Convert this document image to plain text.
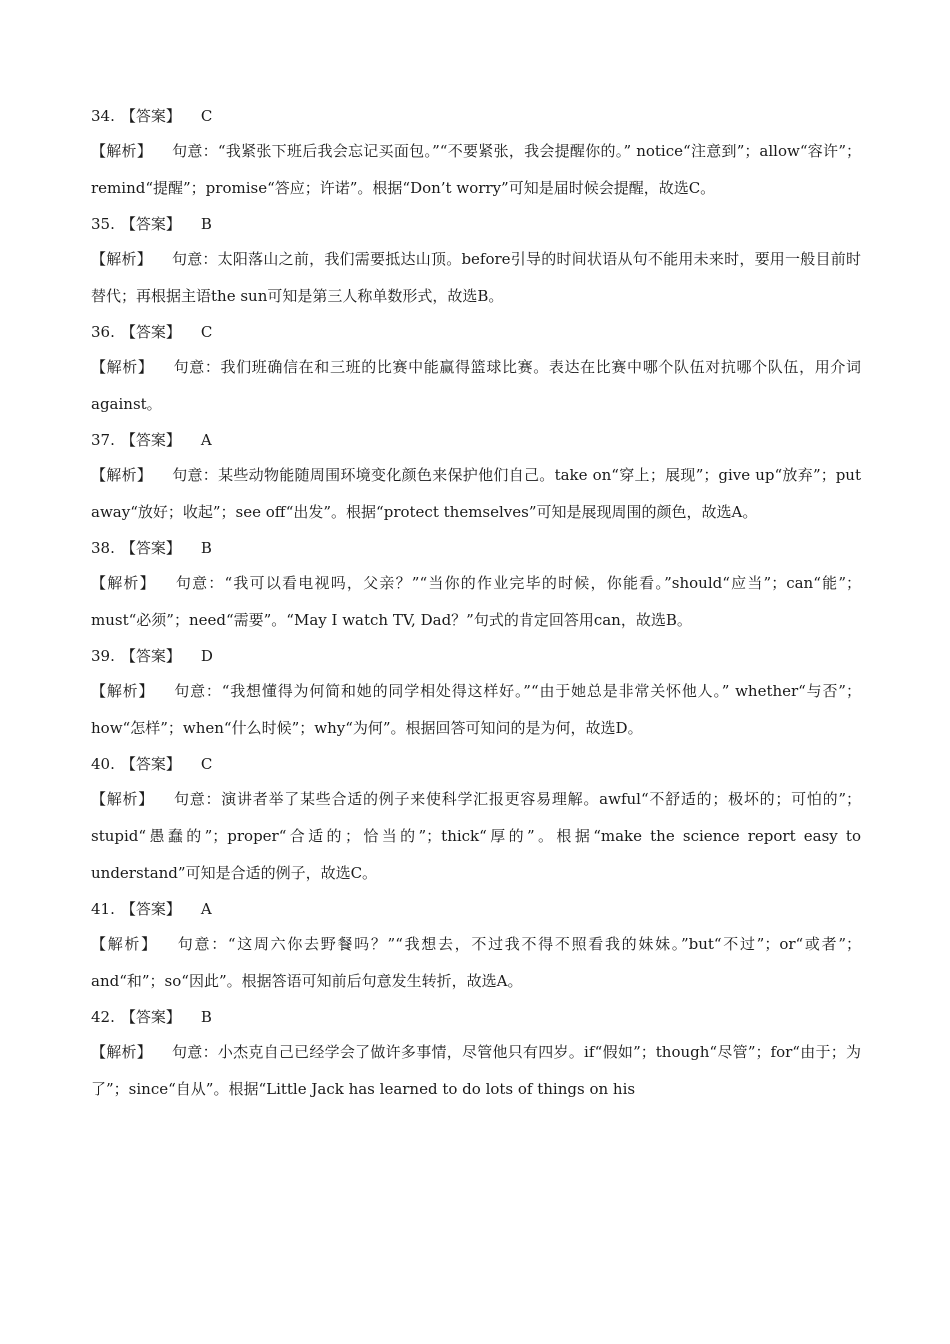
34. 【答案】 C
【解析】 句意：“我紧张下班后我会忘记买面包。”“不要紧张，我会提醒你的。” notice“注意到”；allow“容许”；remind“提醒”；promise“答应；许诺”。根据“Don’t worry”可知是届时候会提醒，故选C。
35. 【答案】 B
【解析】 句意：太阳落山之前，我们需要抵达山顶。before引导的时间状语从句不能用未来时，要用一般目前时替代；再根据主语the sun可知是第三人称单数形式，故选B。
36. 【答案】 C
【解析】 句意：我们班确信在和三班的比赛中能赢得篮球比赛。表达在比赛中哪个队伍对抗哪个队伍，用介词against。
37. 【答案】 A
【解析】 句意：某些动物能随周围环境变化颜色来保护他们自己。take on“穿上；展现”；give up“放弃”；put away“放好；收起”；see off“出发”。根据“protect themselves”可知是展现周围的颜色，故选A。
38. 【答案】 B
【解析】 句意：“我可以看电视吗，父亲？”“当你的作业完毕的时候，你能看。”should“应当”；can“能”；must“必须”；need“需要”。“May I watch TV, Dad？”句式的肯定回答用can，故选B。
39. 【答案】 D
【解析】 句意：“我想懂得为何简和她的同学相处得这样好。”“由于她总是非常关怀他人。” whether“与否”；how“怎样”；when“什么时候”；why“为何”。根据回答可知问的是为何，故选D。
40. 【答案】 C
【解析】 句意：演讲者举了某些合适的例子来使科学汇报更容易理解。awful“不舒适的；极坏的；可怕的”；stupid“愚蠢的”；proper“合适的；恰当的”；thick“厚的”。根据“make the science report easy to understand”可知是合适的例子，故选C。
41. 【答案】 A
【解析】 句意：“这周六你去野餐吗？”“我想去，不过我不得不照看我的妹妹。”but“不过”；or“或者”；and“和”；so“因此”。根据答语可知前后句意发生转折，故选A。
42. 【答案】 B
【解析】 句意：小杰克自己已经学会了做许多事情，尽管他只有四岁。if“假如”；though“尽管”；for“由于；为了”；since“自从”。根据“Little Jack has learned to do lots of things on his
